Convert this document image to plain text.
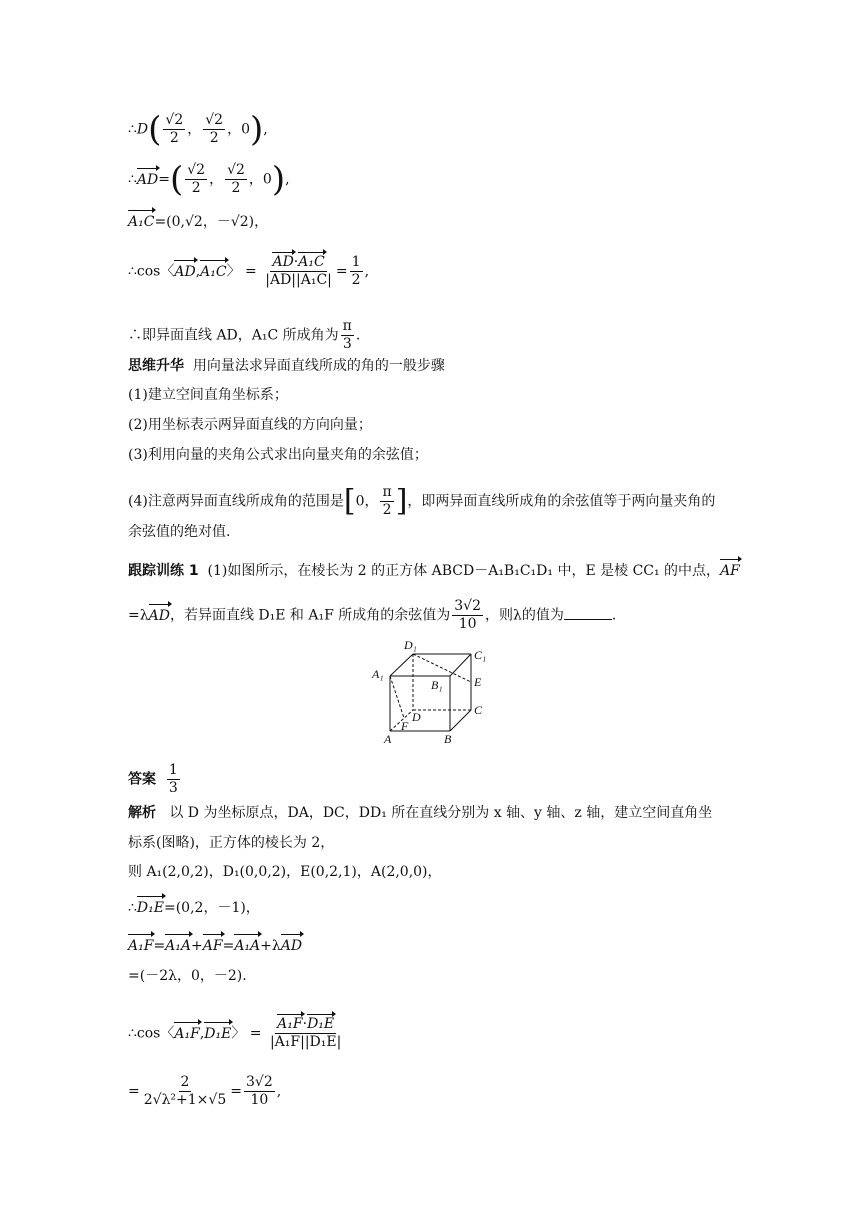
∴D( $\frac{√2}{2}$ ， $\frac{√2}{2}$ ，0),
∴AD=( $\frac{√2}{2}$ ， $\frac{√2}{2}$ ，0),
A₁C=(0,√2，－√2)，
∴cos〈AD,A₁C〉 = $\frac{\text{AD·A₁C}}{\text{|AD||A₁C|}} = \frac{1}{2}$ ,
∴即异面直线 AD，A₁C 所成角为 $\frac{\pi}{3}$ .
思维升华 用向量法求异面直线所成的角的一般步骤
(1)建立空间直角坐标系；
(2)用坐标表示两异面直线的方向向量；
(3)利用向量的夹角公式求出向量夹角的余弦值；
(4)注意两异面直线所成角的范围是[0， $\frac{\pi}{2}$ ]，即两异面直线所成角的余弦值等于两向量夹角的
余弦值的绝对值.
跟踪训练 1 (1)如图所示，在棱长为 2 的正方体 ABCD－A₁B₁C₁D₁ 中，E 是棱 CC₁ 的中点，AF
=λAD，若异面直线 D₁E 和 A₁F 所成角的余弦值为 $\frac{3√2}{10}$ ，则λ的值为	.
D₁
C₁
A₁
B₁	E
D	C
F
A	B
答案 $\frac{1}{3}$
解析 以 D 为坐标原点，DA，DC，DD₁ 所在直线分别为 x 轴、y 轴、z 轴，建立空间直角坐
标系(图略)，正方体的棱长为 2，
则 A₁(2,0,2)，D₁(0,0,2)，E(0,2,1)，A(2,0,0)，
∴D₁E=(0,2，－1)，
A₁F=A₁A+AF=A₁A+λAD
=(－2λ，0，－2).
∴cos〈A₁F,D₁E〉 = $\frac{\text{A₁F·D₁E}}{\text{|A₁F||D₁E|}}$
= $\frac{2}{\text{2√λ²+1×√5}} = \frac{3√2}{10}$ ,
